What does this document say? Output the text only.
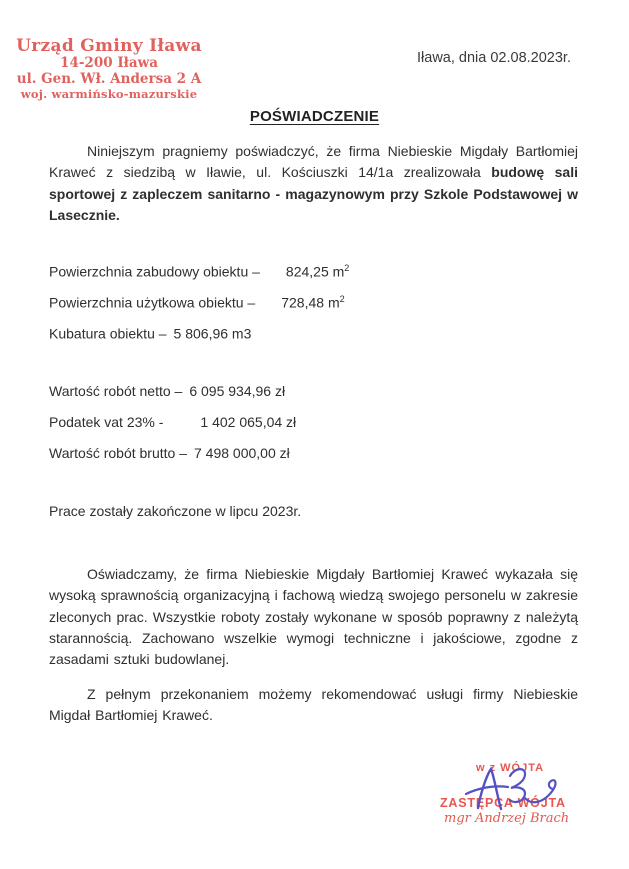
Urząd Gminy Iława
14-200 Iława
ul. Gen. Wł. Andersa 2 A
woj. warmińsko-mazurskie
Iława, dnia 02.08.2023r.
POŚWIADCZENIE
Niniejszym pragniemy poświadczyć, że firma Niebieskie Migdały Bartłomiej Kraweć z siedzibą w Iławie, ul. Kościuszki 14/1a zrealizowała budowę sali sportowej z zapleczem sanitarno - magazynowym przy Szkole Podstawowej w Lasecznie.
Powierzchnia zabudowy obiektu – 824,25 $m^2$
Powierzchnia użytkowa obiektu – 728,48 $m^2$
Kubatura obiektu – 5 806,96 m3
Wartość robót netto – 6 095 934,96 zł
Podatek vat 23% -	1 402 065,04 zł
Wartość robót brutto – 7 498 000,00 zł
Prace zostały zakończone w lipcu 2023r.
Oświadczamy, że firma Niebieskie Migdały Bartłomiej Kraweć wykazała się wysoką sprawnością organizacyjną i fachową wiedzą swojego personelu w zakresie zleconych prac. Wszystkie roboty zostały wykonane w sposób poprawny z należytą starannością. Zachowano wszelkie wymogi techniczne i jakościowe, zgodne z zasadami sztuki budowlanej.
Z pełnym przekonaniem możemy rekomendować usługi firmy Niebieskie Migdał Bartłomiej Kraweć.
w z WÓJTA
ZASTĘPCA WÓJTA
mgr Andrzej Brach
